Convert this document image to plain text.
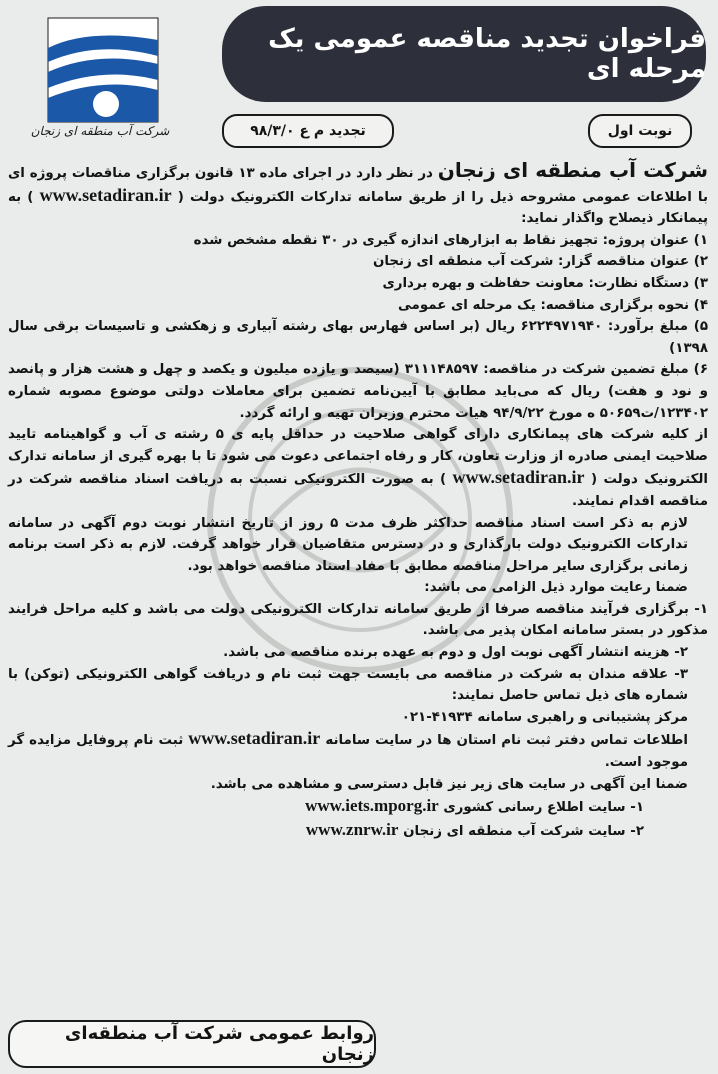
شرکت آب منطقه ای زنجان
فراخوان تجدید مناقصه عمومی یک مرحله ای
نوبت اول
تجدید م ع ۹۸/۳/۰

شرکت آب منطقه ای زنجان در نظر دارد در اجرای ماده ۱۳ قانون برگزاری مناقصات پروژه ای با اطلاعات عمومی مشروحه ذیل را از طریق سامانه تدارکات الکترونیک دولت ( www.setadiran.ir ) به پیمانکار ذیصلاح واگذار نماید:

۱) عنوان پروژه: تجهیز نقاط به ابزارهای اندازه گیری در ۳۰ نقطه مشخص شده

۲) عنوان مناقصه گزار: شرکت آب منطقه ای زنجان

۳) دستگاه نظارت: معاونت حفاظت و بهره برداری

۴) نحوه برگزاری مناقصه: یک مرحله ای عمومی

۵) مبلغ برآورد: ۶۲۲۴۹۷۱۹۴۰ ریال (بر اساس فهارس بهای رشته آبیاری و زهکشی و تاسیسات برقی سال ۱۳۹۸)

۶) مبلغ تضمین شرکت در مناقصه: ۳۱۱۱۴۸۵۹۷ (سیصد و یازده میلیون و یکصد و چهل و هشت هزار و پانصد و نود و هفت) ریال که می‌باید مطابق با آیین‌نامه تضمین برای معاملات دولتی موضوع مصوبه شماره ۱۲۳۴۰۲/ت۵۰۶۵۹ ه مورخ ۹۴/۹/۲۲ هیات محترم وزیران تهیه و ارائه گردد.

از کلیه شرکت های پیمانکاری دارای گواهی صلاحیت در حداقل پایه ی ۵ رشته ی آب و گواهینامه تایید صلاحیت ایمنی صادره از وزارت تعاون، کار و رفاه اجتماعی دعوت می شود تا با بهره گیری از سامانه تدارک الکترونیک دولت ( www.setadiran.ir ) به صورت الکترونیکی نسبت به دریافت اسناد مناقصه شرکت در مناقصه اقدام نمایند.

لازم به ذکر است اسناد مناقصه حداکثر ظرف مدت ۵ روز از تاریخ انتشار نوبت دوم آگهی در سامانه تدارکات الکترونیک دولت بارگذاری و در دسترس متقاضیان قرار خواهد گرفت. لازم به ذکر است برنامه زمانی برگزاری سایر مراحل مناقصه مطابق با مفاد اسناد مناقصه خواهد بود.

ضمنا رعایت موارد ذیل الزامی می باشد:

۱- برگزاری فرآیند مناقصه صرفا از طریق سامانه تدارکات الکترونیکی دولت می باشد و کلیه مراحل فرایند مذکور در بستر سامانه امکان پذیر می باشد.

۲- هزینه انتشار آگهی نوبت اول و دوم به عهده برنده مناقصه می باشد.

۳- علاقه مندان به شرکت در مناقصه می بایست جهت ثبت نام و دریافت گواهی الکترونیکی (توکن) با شماره های ذیل تماس حاصل نمایند:

مرکز پشتیبانی و راهبری سامانه ۴۱۹۳۴-۰۲۱

اطلاعات تماس دفتر ثبت نام استان ها در سایت سامانه www.setadiran.ir ثبت نام پروفایل مزایده گر موجود است.

ضمنا این آگهی در سایت های زیر نیز قابل دسترسی و مشاهده می باشد.

۱- سایت اطلاع رسانی کشوری www.iets.mporg.ir

۲- سایت شرکت آب منطقه ای زنجان www.znrw.ir

روابط عمومی شرکت آب منطقه‌ای زنجان
